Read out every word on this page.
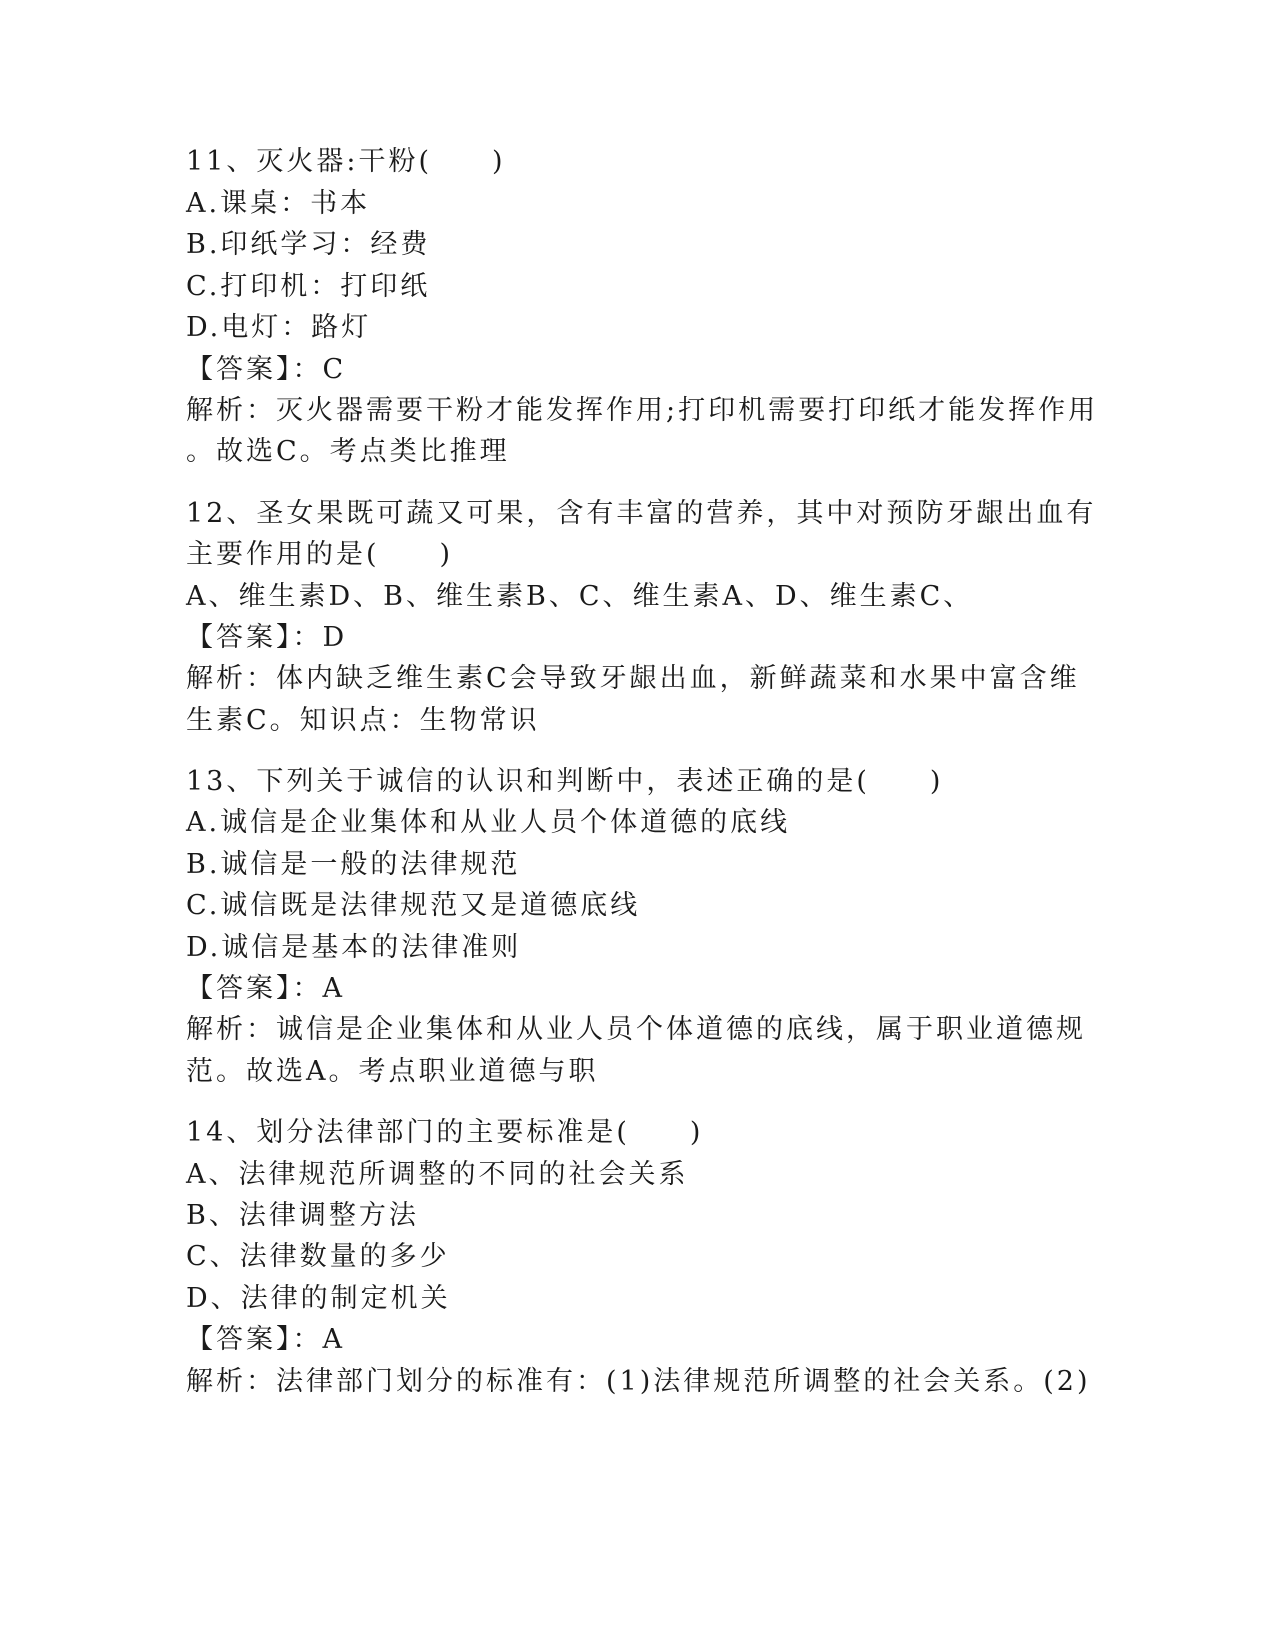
11、灭火器:干粉(　　)
A.课桌：书本
B.印纸学习：经费
C.打印机：打印纸
D.电灯：路灯
【答案】：C
解析：灭火器需要干粉才能发挥作用;打印机需要打印纸才能发挥作用
。故选C。考点类比推理
12、圣女果既可蔬又可果，含有丰富的营养，其中对预防牙龈出血有
主要作用的是(　　)
A、维生素D、B、维生素B、C、维生素A、D、维生素C、
【答案】：D
解析：体内缺乏维生素C会导致牙龈出血，新鲜蔬菜和水果中富含维
生素C。知识点：生物常识
13、下列关于诚信的认识和判断中，表述正确的是(　　)
A.诚信是企业集体和从业人员个体道德的底线
B.诚信是一般的法律规范
C.诚信既是法律规范又是道德底线
D.诚信是基本的法律准则
【答案】：A
解析：诚信是企业集体和从业人员个体道德的底线，属于职业道德规
范。故选A。考点职业道德与职
14、划分法律部门的主要标准是(　　)
A、法律规范所调整的不同的社会关系
B、法律调整方法
C、法律数量的多少
D、法律的制定机关
【答案】：A
解析：法律部门划分的标准有：(1)法律规范所调整的社会关系。(2)
